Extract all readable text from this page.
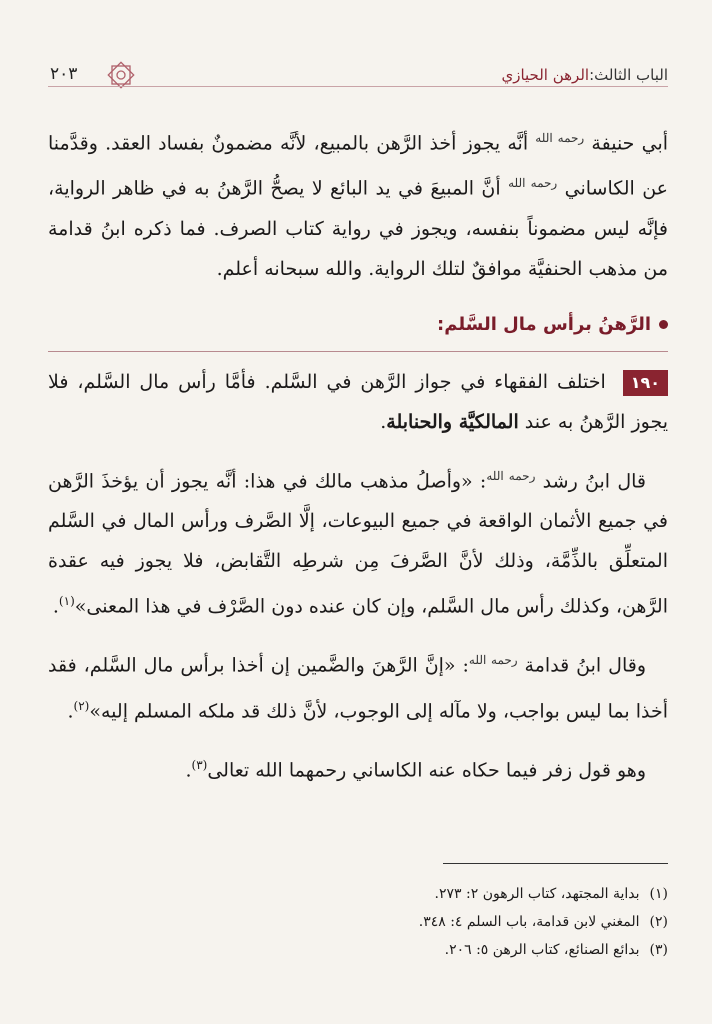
الباب الثالث:الرهن الحيازي
٢٠٣

أبي حنيفة $^{رحمه الله}$ أنَّه يجوز أخذ الرَّهن بالمبيع، لأنَّه مضمونٌ بفساد العقد. وقدَّمنا عن الكاساني $^{رحمه الله}$ أنَّ المبيعَ في يد البائع لا يصحُّ الرَّهنُ به في ظاهر الرواية، فإنَّه ليس مضموناً بنفسه، ويجوز في رواية كتاب الصرف. فما ذكره ابنُ قدامة من مذهب الحنفيَّة موافقٌ لتلك الرواية. والله سبحانه أعلم.

الرَّهنُ برأس مال السَّلم:

١٩٠ اختلف الفقهاء في جواز الرَّهن في السَّلم. فأمَّا رأس مال السَّلم، فلا يجوز الرَّهنُ به عند المالكيَّة والحنابلة.

قال ابنُ رشد $^{رحمه الله}$: «وأصلُ مذهب مالك في هذا: أنَّه يجوز أن يؤخذَ الرَّهن في جميع الأثمان الواقعة في جميع البيوعات، إلَّا الصَّرف ورأس المال في السَّلم المتعلِّق بالذِّمَّة، وذلك لأنَّ الصَّرفَ مِن شرطِه التَّقابض، فلا يجوز فيه عقدة الرَّهن، وكذلك رأس مال السَّلم، وإن كان عنده دون الصَّرْف في هذا المعنى»$^{(١)}$.

وقال ابنُ قدامة $^{رحمه الله}$: «إنَّ الرَّهنَ والضَّمين إن أخذا برأس مال السَّلم، فقد أخذا بما ليس بواجب، ولا مآله إلى الوجوب، لأنَّ ذلك قد ملكه المسلم إليه»$^{(٢)}$.

وهو قول زفر فيما حكاه عنه الكاساني رحمهما الله تعالى$^{(٣)}$.

(١)بداية المجتهد، كتاب الرهون ٢: ٢٧٣.

(٢)المغني لابن قدامة، باب السلم ٤: ٣٤٨.

(٣)بدائع الصنائع، كتاب الرهن ٥: ٢٠٦.
